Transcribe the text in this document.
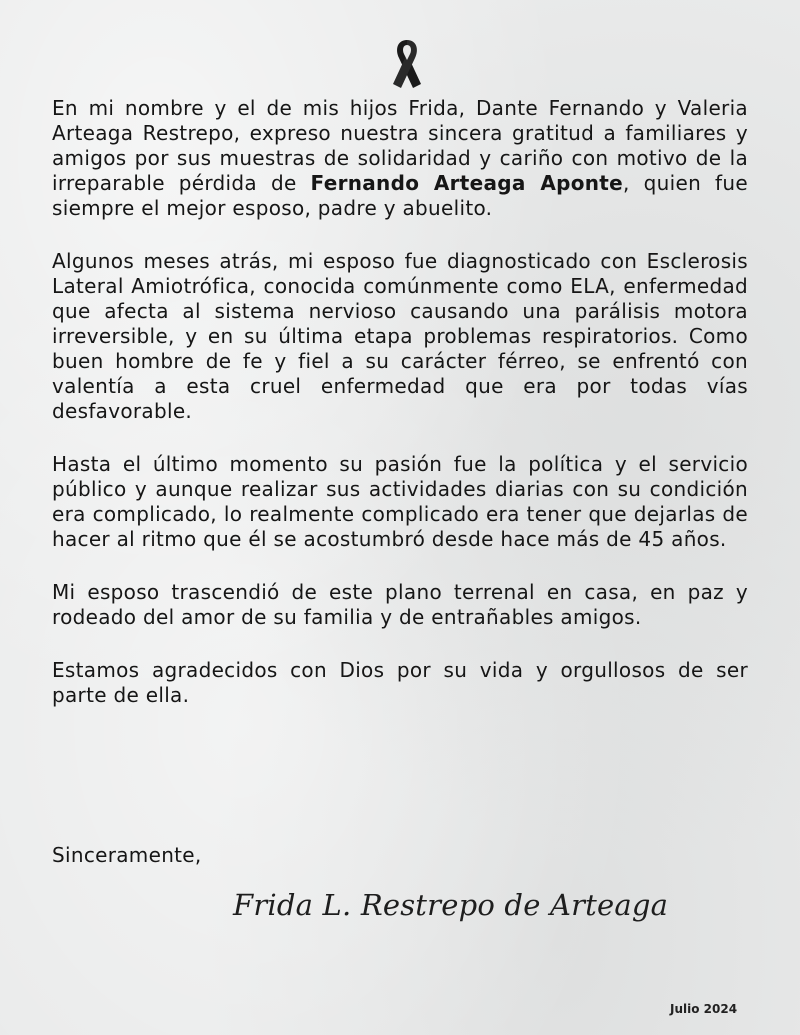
En mi nombre y el de mis hijos Frida, Dante Fernando y Valeria Arteaga Restrepo, expreso nuestra sincera gratitud a familiares y amigos por sus muestras de solidaridad y cariño con motivo de la irreparable pérdida de Fernando Arteaga Aponte, quien fue siempre el mejor esposo, padre y abuelito.

Algunos meses atrás, mi esposo fue diagnosticado con Esclerosis Lateral Amiotrófica, conocida comúnmente como ELA, enfermedad que afecta al sistema nervioso causando una parálisis motora irreversible, y en su última etapa problemas respiratorios. Como buen hombre de fe y fiel a su carácter férreo, se enfrentó con valentía a esta cruel enfermedad que era por todas vías desfavorable.

Hasta el último momento su pasión fue la política y el servicio público y aunque realizar sus actividades diarias con su condición era complicado, lo realmente complicado era tener que dejarlas de hacer al ritmo que él se acostumbró desde hace más de 45 años.

Mi esposo trascendió de este plano terrenal en casa, en paz y rodeado del amor de su familia y de entrañables amigos.

Estamos agradecidos con Dios por su vida y orgullosos de ser parte de ella.

Sinceramente,
Frida L. Restrepo de Arteaga
Julio 2024
